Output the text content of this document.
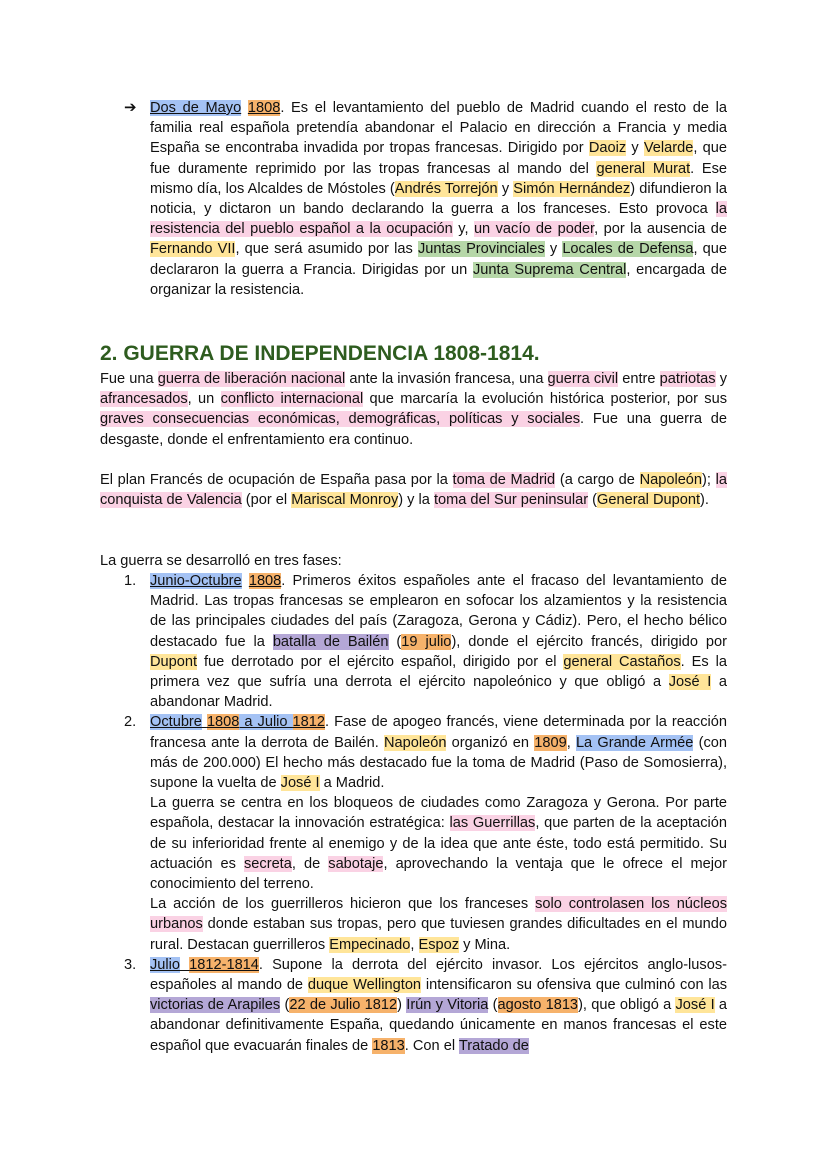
➔ Dos de Mayo 1808. Es el levantamiento del pueblo de Madrid cuando el resto de la familia real española pretendía abandonar el Palacio en dirección a Francia y media España se encontraba invadida por tropas francesas. Dirigido por Daoiz y Velarde, que fue duramente reprimido por las tropas francesas al mando del general Murat. Ese mismo día, los Alcaldes de Móstoles (Andrés Torrejón y Simón Hernández) difundieron la noticia, y dictaron un bando declarando la guerra a los franceses. Esto provoca la resistencia del pueblo español a la ocupación y, un vacío de poder, por la ausencia de Fernando VII, que será asumido por las Juntas Provinciales y Locales de Defensa, que declararon la guerra a Francia. Dirigidas por un Junta Suprema Central, encargada de organizar la resistencia.

2. GUERRA DE INDEPENDENCIA 1808-1814.

Fue una guerra de liberación nacional ante la invasión francesa, una guerra civil entre patriotas y afrancesados, un conflicto internacional que marcaría la evolución histórica posterior, por sus graves consecuencias económicas, demográficas, políticas y sociales. Fue una guerra de desgaste, donde el enfrentamiento era continuo.

El plan Francés de ocupación de España pasa por la toma de Madrid (a cargo de Napoleón); la conquista de Valencia (por el Mariscal Monroy) y la toma del Sur peninsular (General Dupont).

La guerra se desarrolló en tres fases:

1. Junio-Octubre 1808. Primeros éxitos españoles ante el fracaso del levantamiento de Madrid. Las tropas francesas se emplearon en sofocar los alzamientos y la resistencia de las principales ciudades del país (Zaragoza, Gerona y Cádiz). Pero, el hecho bélico destacado fue la batalla de Bailén (19 julio), donde el ejército francés, dirigido por Dupont fue derrotado por el ejército español, dirigido por el general Castaños. Es la primera vez que sufría una derrota el ejército napoleónico y que obligó a José I a abandonar Madrid.

2. Octubre 1808 a Julio 1812. Fase de apogeo francés, viene determinada por la reacción francesa ante la derrota de Bailén. Napoleón organizó en 1809, La Grande Armée (con más de 200.000) El hecho más destacado fue la toma de Madrid (Paso de Somosierra), supone la vuelta de José I a Madrid.

La guerra se centra en los bloqueos de ciudades como Zaragoza y Gerona. Por parte española, destacar la innovación estratégica: las Guerrillas, que parten de la aceptación de su inferioridad frente al enemigo y de la idea que ante éste, todo está permitido. Su actuación es secreta, de sabotaje, aprovechando la ventaja que le ofrece el mejor conocimiento del terreno.

La acción de los guerrilleros hicieron que los franceses solo controlasen los núcleos urbanos donde estaban sus tropas, pero que tuviesen grandes dificultades en el mundo rural. Destacan guerrilleros Empecinado, Espoz y Mina.

3. Julio 1812-1814. Supone la derrota del ejército invasor. Los ejércitos anglo-lusos-españoles al mando de duque Wellington intensificaron su ofensiva que culminó con las victorias de Arapiles (22 de Julio 1812) Irún y Vitoria (agosto 1813), que obligó a José I a abandonar definitivamente España, quedando únicamente en manos francesas el este español que evacuarán finales de 1813. Con el Tratado de
